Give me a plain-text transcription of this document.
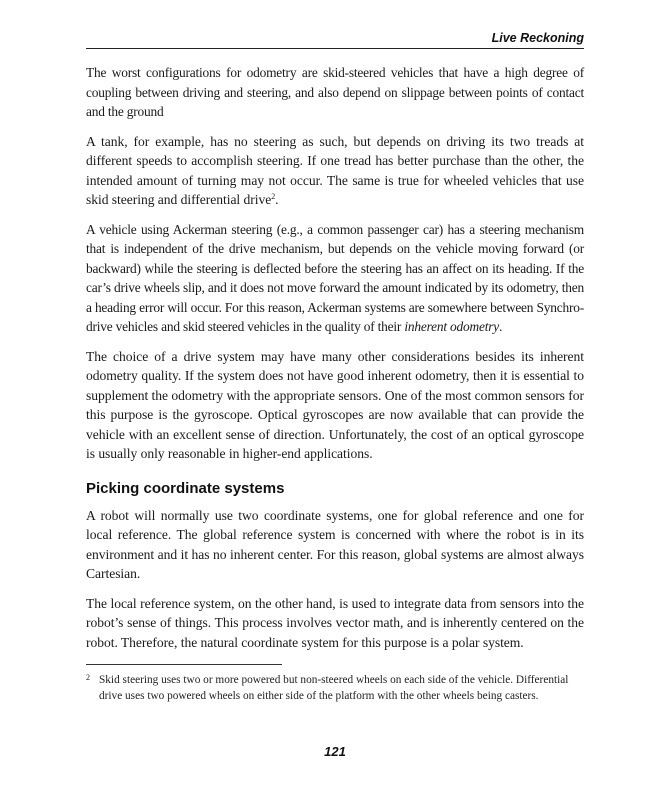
Live Reckoning

The worst configurations for odometry are skid-steered vehicles that have a high degree of coupling between driving and steering, and also depend on slippage between points of contact and the ground

A tank, for example, has no steering as such, but depends on driving its two treads at different speeds to accomplish steering. If one tread has better purchase than the other, the intended amount of turning may not occur. The same is true for wheeled vehicles that use skid steering and differential drive$^2$.

A vehicle using Ackerman steering (e.g., a common passenger car) has a steering mechanism that is independent of the drive mechanism, but depends on the vehicle moving forward (or backward) while the steering is deflected before the steering has an affect on its heading. If the car’s drive wheels slip, and it does not move forward the amount indicated by its odometry, then a heading error will occur. For this reason, Ackerman systems are somewhere between Synchro-drive vehicles and skid steered vehicles in the quality of their inherent odometry.

The choice of a drive system may have many other considerations besides its inherent odometry quality. If the system does not have good inherent odometry, then it is essential to supplement the odometry with the appropriate sensors. One of the most common sensors for this purpose is the gyroscope. Optical gyroscopes are now available that can provide the vehicle with an excellent sense of direction. Unfortunately, the cost of an optical gyroscope is usually only reasonable in higher-end applications.

Picking coordinate systems

A robot will normally use two coordinate systems, one for global reference and one for local reference. The global reference system is concerned with where the robot is in its environment and it has no inherent center. For this reason, global systems are almost always Cartesian.

The local reference system, on the other hand, is used to integrate data from sensors into the robot’s sense of things. This process involves vector math, and is inherently centered on the robot. Therefore, the natural coordinate system for this purpose is a polar system.

2 Skid steering uses two or more powered but non-steered wheels on each side of the vehicle. Differential drive uses two powered wheels on either side of the platform with the other wheels being casters.
121
